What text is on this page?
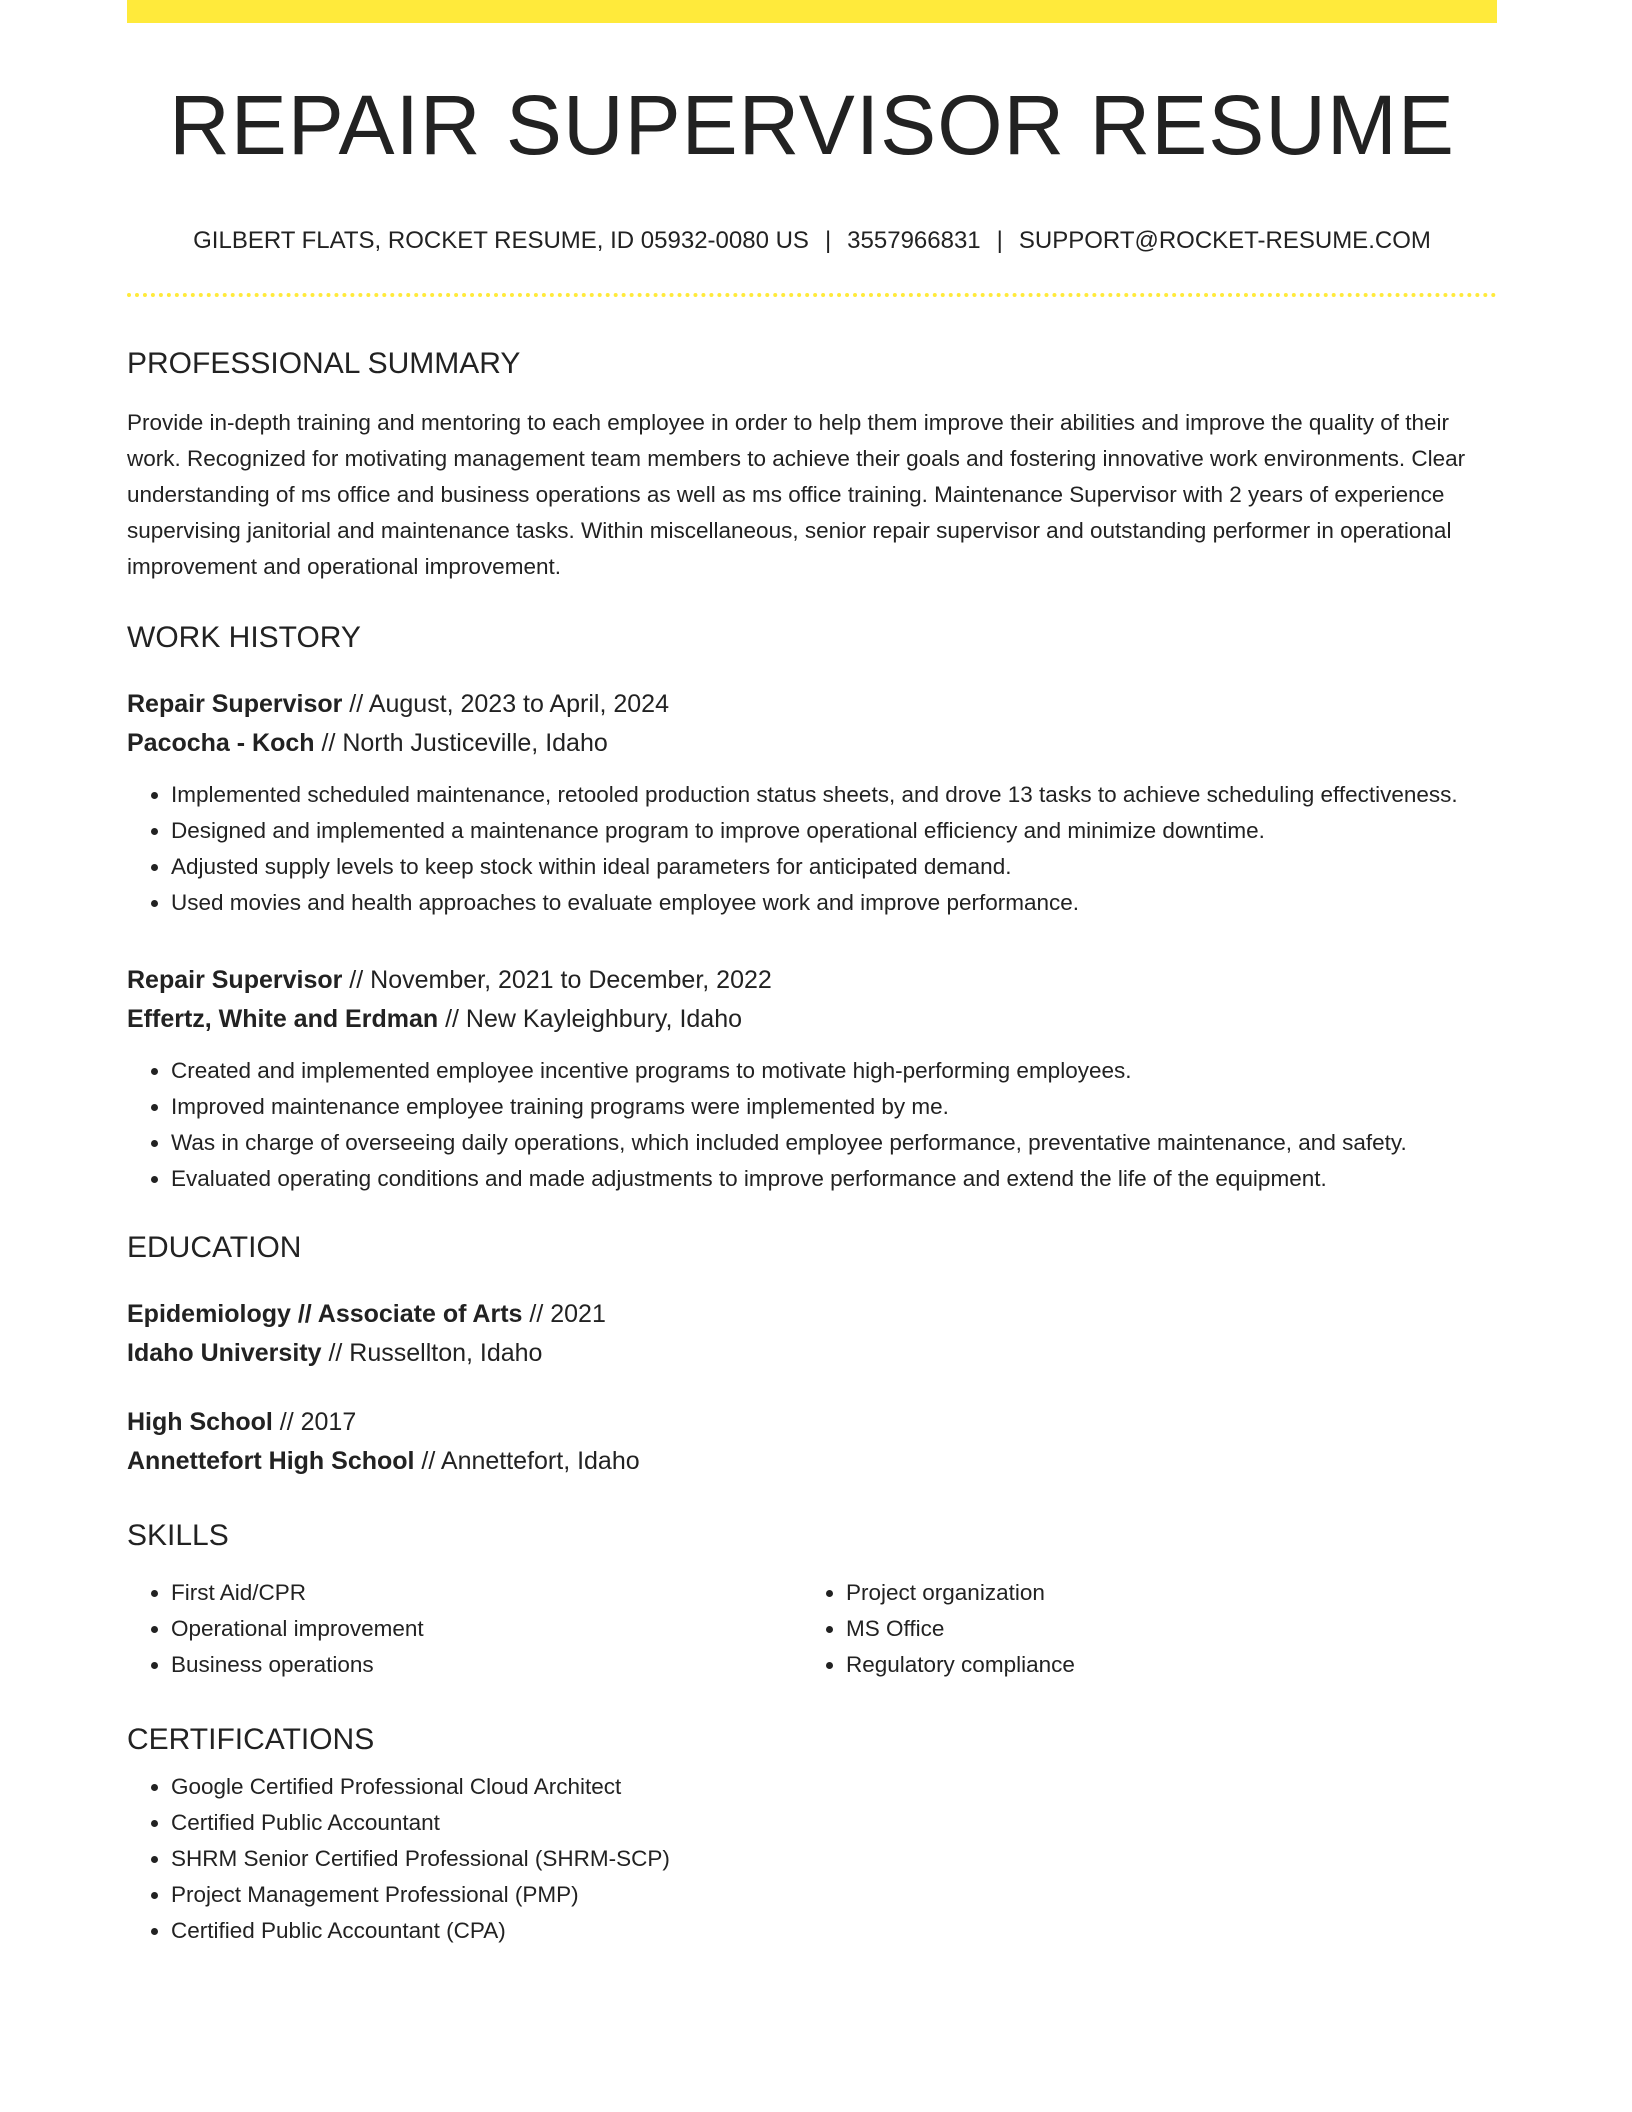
REPAIR SUPERVISOR RESUME
GILBERT FLATS, ROCKET RESUME, ID 05932-0080 US | 3557966831 | SUPPORT@ROCKET-RESUME.COM
PROFESSIONAL SUMMARY
Provide in-depth training and mentoring to each employee in order to help them improve their abilities and improve the quality of their work. Recognized for motivating management team members to achieve their goals and fostering innovative work environments. Clear understanding of ms office and business operations as well as ms office training. Maintenance Supervisor with 2 years of experience supervising janitorial and maintenance tasks. Within miscellaneous, senior repair supervisor and outstanding performer in operational improvement and operational improvement.
WORK HISTORY
Repair Supervisor // August, 2023 to April, 2024
Pacocha - Koch // North Justiceville, Idaho
• Implemented scheduled maintenance, retooled production status sheets, and drove 13 tasks to achieve scheduling effectiveness.
• Designed and implemented a maintenance program to improve operational efficiency and minimize downtime.
• Adjusted supply levels to keep stock within ideal parameters for anticipated demand.
• Used movies and health approaches to evaluate employee work and improve performance.
Repair Supervisor // November, 2021 to December, 2022
Effertz, White and Erdman // New Kayleighbury, Idaho
• Created and implemented employee incentive programs to motivate high-performing employees.
• Improved maintenance employee training programs were implemented by me.
• Was in charge of overseeing daily operations, which included employee performance, preventative maintenance, and safety.
• Evaluated operating conditions and made adjustments to improve performance and extend the life of the equipment.
EDUCATION
Epidemiology // Associate of Arts // 2021
Idaho University // Russellton, Idaho
High School // 2017
Annettefort High School // Annettefort, Idaho
SKILLS
• First Aid/CPR
• Operational improvement
• Business operations
• Project organization
• MS Office
• Regulatory compliance
CERTIFICATIONS
• Google Certified Professional Cloud Architect
• Certified Public Accountant
• SHRM Senior Certified Professional (SHRM-SCP)
• Project Management Professional (PMP)
• Certified Public Accountant (CPA)
